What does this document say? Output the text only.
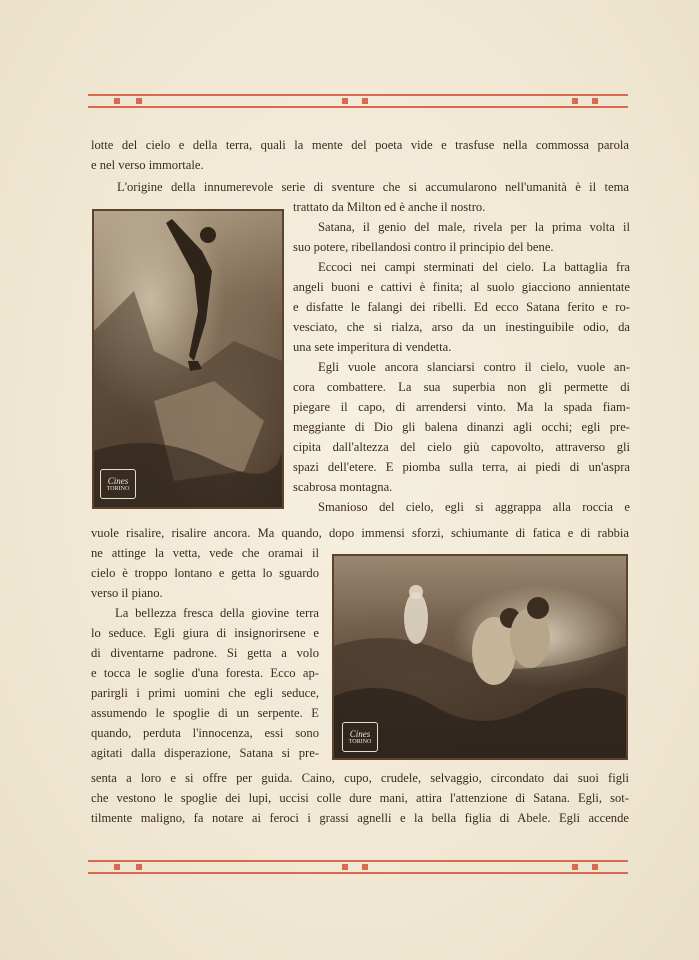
lotte del cielo e della terra, quali la mente del poeta vide e trasfuse nella commossa parola
e nel verso immortale.
L'origine della innumerevole serie di sventure che si accumularono nell'umanità è il tema
Cines
TORINO
trattato da Milton ed è anche il nostro.
Satana, il genio del male, rivela per la prima volta il
suo potere, ribellandosi contro il principio del bene.
Eccoci nei campi sterminati del cielo. La battaglia fra
angeli buoni e cattivi è finita; al suolo giacciono annientate
e disfatte le falangi dei ribelli. Ed ecco Satana ferito e ro-
vesciato, che si rialza, arso da un inestinguibile odio, da
una sete imperitura di vendetta.
Egli vuole ancora slanciarsi contro il cielo, vuole an-
cora combattere. La sua superbia non gli permette di
piegare il capo, di arrendersi vinto. Ma la spada fiam-
meggiante di Dio gli balena dinanzi agli occhi; egli pre-
cipita dall'altezza del cielo giù capovolto, attraverso gli
spazi dell'etere. E piomba sulla terra, ai piedi di un'aspra
scabrosa montagna.
Smanioso del cielo, egli si aggrappa alla roccia e
vuole risalire, risalire ancora. Ma quando, dopo immensi sforzi, schiumante di fatica e di rabbia
ne attinge la vetta, vede che oramai il
cielo è troppo lontano e getta lo sguardo
verso il piano.
La bellezza fresca della giovine terra
lo seduce. Egli giura di insignorirsene e
di diventarne padrone. Si getta a volo
e tocca le soglie d'una foresta. Ecco ap-
parirgli i primi uomini che egli seduce,
assumendo le spoglie di un serpente. E
quando, perduta l'innocenza, essi sono
agitati dalla disperazione, Satana si pre-
Cines
TORINO
senta a loro e si offre per guida. Caino, cupo, crudele, selvaggio, circondato dai suoi figli
che vestono le spoglie dei lupi, uccisi colle dure mani, attira l'attenzione di Satana. Egli, sot-
tilmente maligno, fa notare ai feroci i grassi agnelli e la bella figlia di Abele. Egli accende
